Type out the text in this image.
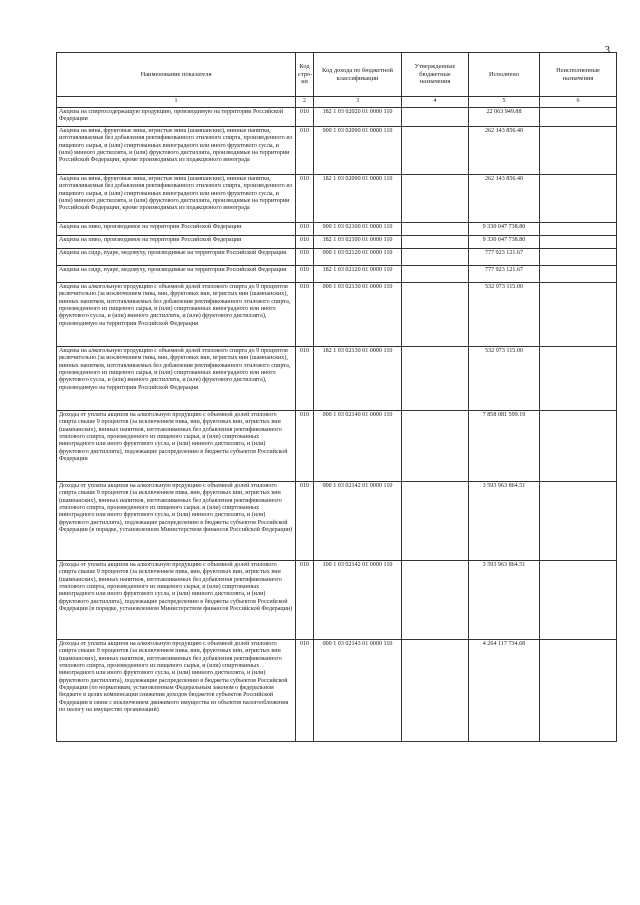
3
Наименование показателя	Код стро-ки	Код дохода по бюджетной классификации	Утвержденные бюджетные назначения	Исполнено	Неисполненные назначения
1	2	3	4	5	6
Акцизы на спиртосодержащую продукцию, производимую на территории Российской Федерации	010	182 1 03 02020 01 0000 110		22 063 949.88	
Акцизы на вина, фруктовые вина, игристые вина (шампанские), винные напитки, изготавливаемые без добавления ректификованного этилового спирта, произведенного из пищевого сырья, и (или) спиртованных виноградного или иного фруктового сусла, и (или) винного дистиллята, и (или) фруктового дистиллята, производимые на территории Российской Федерации, кроме производимых из подакцизного винограда	010	000 1 03 02090 01 0000 110		262 143 856.40	
Акцизы на вина, фруктовые вина, игристые вина (шампанские), винные напитки, изготавливаемые без добавления ректификованного этилового спирта, произведенного из пищевого сырья, и (или) спиртованных виноградного или иного фруктового сусла, и (или) винного дистиллята, и (или) фруктового дистиллята, производимые на территории Российской Федерации, кроме производимых из подакцизного винограда	010	182 1 03 02090 01 0000 110		262 143 856.40	
Акцизы на пиво, производимое на территории Российской Федерации	010	000 1 03 02100 01 0000 110		9 330 047 738.80	
Акцизы на пиво, производимое на территории Российской Федерации	010	182 1 03 02100 01 0000 110		9 330 047 738.80	
Акцизы на сидр, пуаре, медовуху, производимые на территории Российской Федерации	010	000 1 03 02120 01 0000 110		777 923 121.67	
Акцизы на сидр, пуаре, медовуху, производимые на территории Российской Федерации	010	182 1 03 02120 01 0000 110		777 923 121.67	
Акцизы на алкогольную продукцию с объемной долей этилового спирта до 9 процентов включительно (за исключением пива, вин, фруктовых вин, игристых вин (шампанских), винных напитков, изготавливаемых без добавления ректификованного этилового спирта, произведенного из пищевого сырья, и (или) спиртованных виноградного или иного фруктового сусла, и (или) винного дистиллята, и (или) фруктового дистиллята), производимую на территории Российской Федерации	010	000 1 03 02130 01 0000 110		532 973 115.00	
Акцизы на алкогольную продукцию с объемной долей этилового спирта до 9 процентов включительно (за исключением пива, вин, фруктовых вин, игристых вин (шампанских), винных напитков, изготавливаемых без добавления ректификованного этилового спирта, произведенного из пищевого сырья, и (или) спиртованных виноградного или иного фруктового сусла, и (или) винного дистиллята, и (или) фруктового дистиллята), производимую на территории Российской Федерации	010	182 1 03 02130 01 0000 110		532 973 115.00	
Доходы от уплаты акцизов на алкогольную продукцию с объемной долей этилового спирта свыше 9 процентов (за исключением пива, вин, фруктовых вин, игристых вин (шампанских), винных напитков, изготавливаемых без добавления ректификованного этилового спирта, произведенного из пищевого сырья, и (или) спиртованных виноградного или иного фруктового сусла, и (или) винного дистиллята, и (или) фруктового дистиллята), подлежащие распределению в бюджеты субъектов Российской Федерации	010	000 1 03 02140 01 0000 110		7 858 081 599.19	
Доходы от уплаты акцизов на алкогольную продукцию с объемной долей этилового спирта свыше 9 процентов (за исключением пива, вин, фруктовых вин, игристых вин (шампанских), винных напитков, изготавливаемых без добавления ректификованного этилового спирта, произведенного из пищевого сырья, и (или) спиртованных виноградного или иного фруктового сусла, и (или) винного дистиллята, и (или) фруктового дистиллята), подлежащие распределению в бюджеты субъектов Российской Федерации (в порядке, установленном Министерством финансов Российской Федерации)	010	000 1 03 02142 01 0000 110		3 593 963 864.51	
Доходы от уплаты акцизов на алкогольную продукцию с объемной долей этилового спирта свыше 9 процентов (за исключением пива, вин, фруктовых вин, игристых вин (шампанских), винных напитков, изготавливаемых без добавления ректификованного этилового спирта, произведенного из пищевого сырья, и (или) спиртованных виноградного или иного фруктового сусла, и (или) винного дистиллята, и (или) фруктового дистиллята), подлежащие распределению в бюджеты субъектов Российской Федерации (в порядке, установленном Министерством финансов Российской Федерации)	010	100 1 03 02142 01 0000 110		3 593 963 864.51	
Доходы от уплаты акцизов на алкогольную продукцию с объемной долей этилового спирта свыше 9 процентов (за исключением пива, вин, фруктовых вин, игристых вин (шампанских), винных напитков, изготавливаемых без добавления ректификованного этилового спирта, произведенного из пищевого сырья, и (или) спиртованных виноградного или иного фруктового сусла, и (или) винного дистиллята, и (или) фруктового дистиллята), подлежащие распределению в бюджеты субъектов Российской Федерации (по нормативам, установленным Федеральным законом о федеральном бюджете в целях компенсации снижения доходов бюджетов субъектов Российской Федерации в связи с исключением движимого имущества из объектов налогообложения по налогу на имущество организаций)	010	000 1 03 02143 01 0000 110		4 264 117 734.68	
